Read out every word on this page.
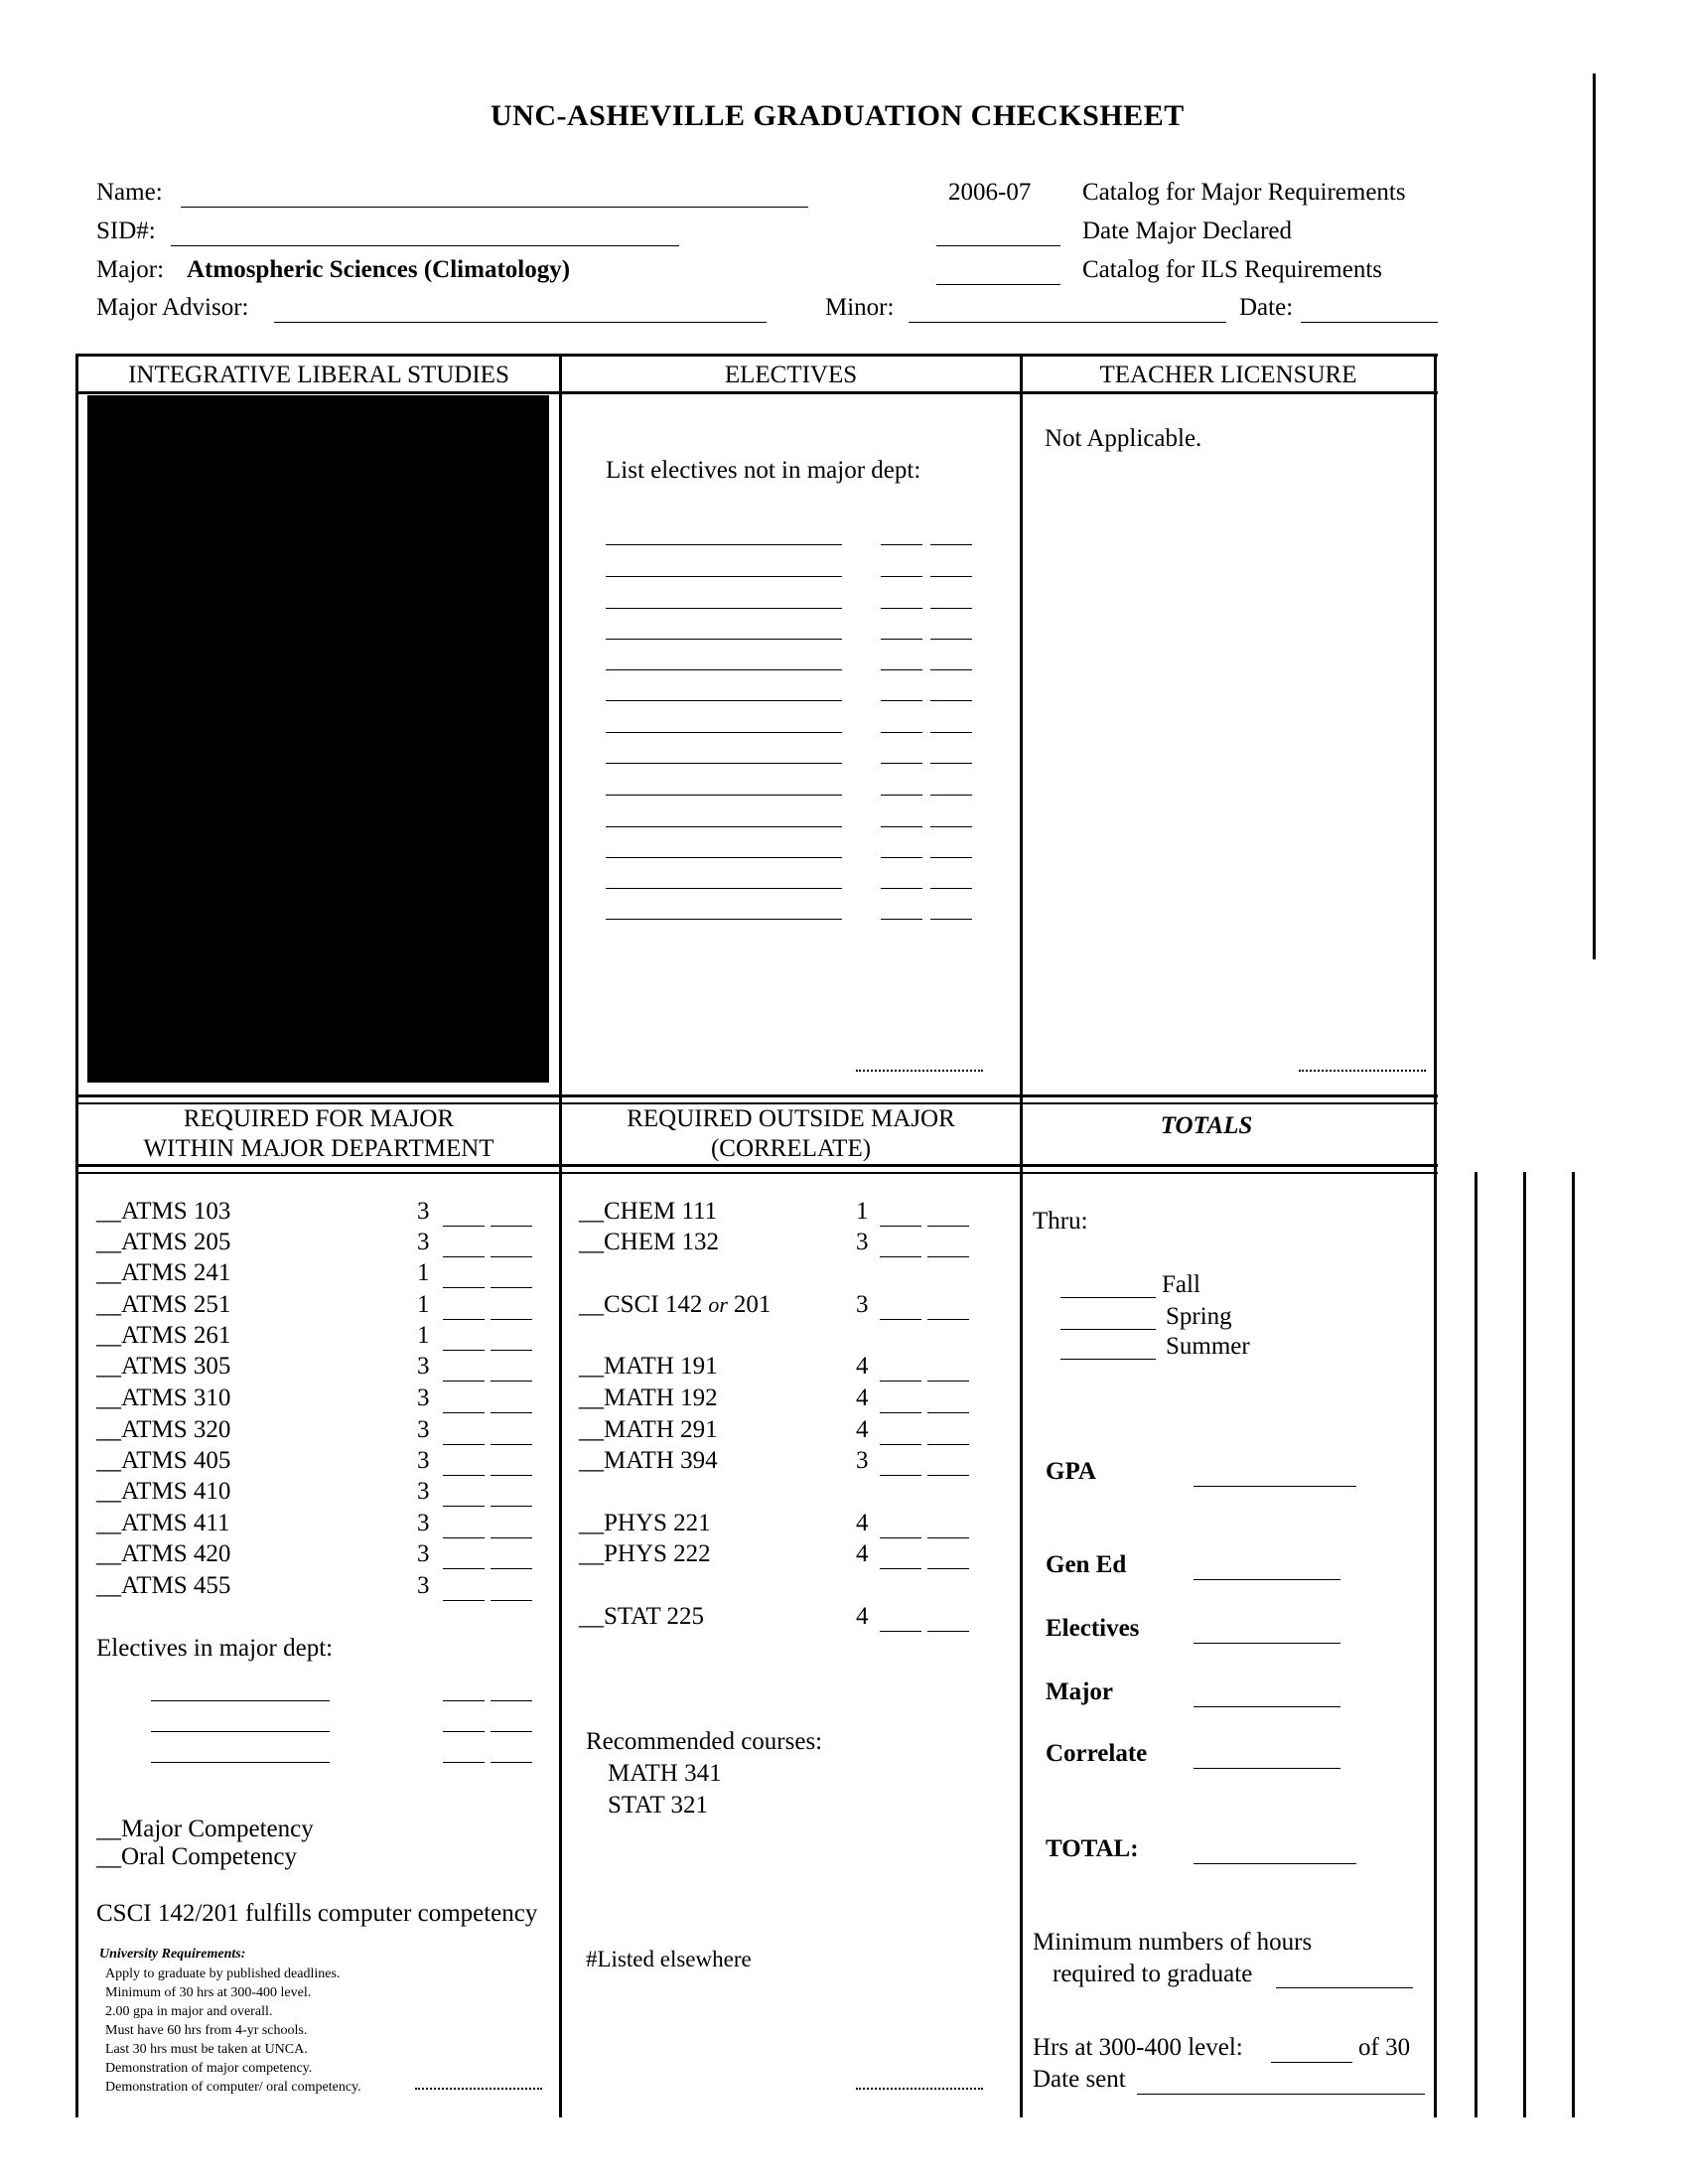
UNC-ASHEVILLE GRADUATION CHECKSHEET
Name:
SID#:
Major: Atmospheric Sciences (Climatology)
Major Advisor:
2006-07 Catalog for Major Requirements
Date Major Declared
Catalog for ILS Requirements
Minor:	Date:
INTEGRATIVE LIBERAL STUDIES	ELECTIVES	TEACHER LICENSURE
List electives not in major dept:
Not Applicable.
REQUIRED FOR MAJOR
WITHIN MAJOR DEPARTMENT
REQUIRED OUTSIDE MAJOR
(CORRELATE)
TOTALS
__ATMS 103	3
__ATMS 205	3
__ATMS 241	1
__ATMS 251	1
__ATMS 261	1
__ATMS 305	3
__ATMS 310	3
__ATMS 320	3
__ATMS 405	3
__ATMS 410	3
__ATMS 411	3
__ATMS 420	3
__ATMS 455	3
Electives in major dept:
__Major Competency
__Oral Competency
CSCI 142/201 fulfills computer competency
University Requirements:
Apply to graduate by published deadlines.
Minimum of 30 hrs at 300-400 level.
2.00 gpa in major and overall.
Must have 60 hrs from 4-yr schools.
Last 30 hrs must be taken at UNCA.
Demonstration of major competency.
Demonstration of computer/ oral competency.
__CHEM 111	1
__CHEM 132	3
__CSCI 142 or 201	3
__MATH 191	4
__MATH 192	4
__MATH 291	4
__MATH 394	3
__PHYS 221	4
__PHYS 222	4
__STAT 225	4
Recommended courses:
MATH 341
STAT 321
#Listed elsewhere
Thru:
Fall
Spring
Summer
GPA
Gen Ed
Electives
Major
Correlate
TOTAL:
Minimum numbers of hours
required to graduate
Hrs at 300-400 level:	of 30
Date sent
